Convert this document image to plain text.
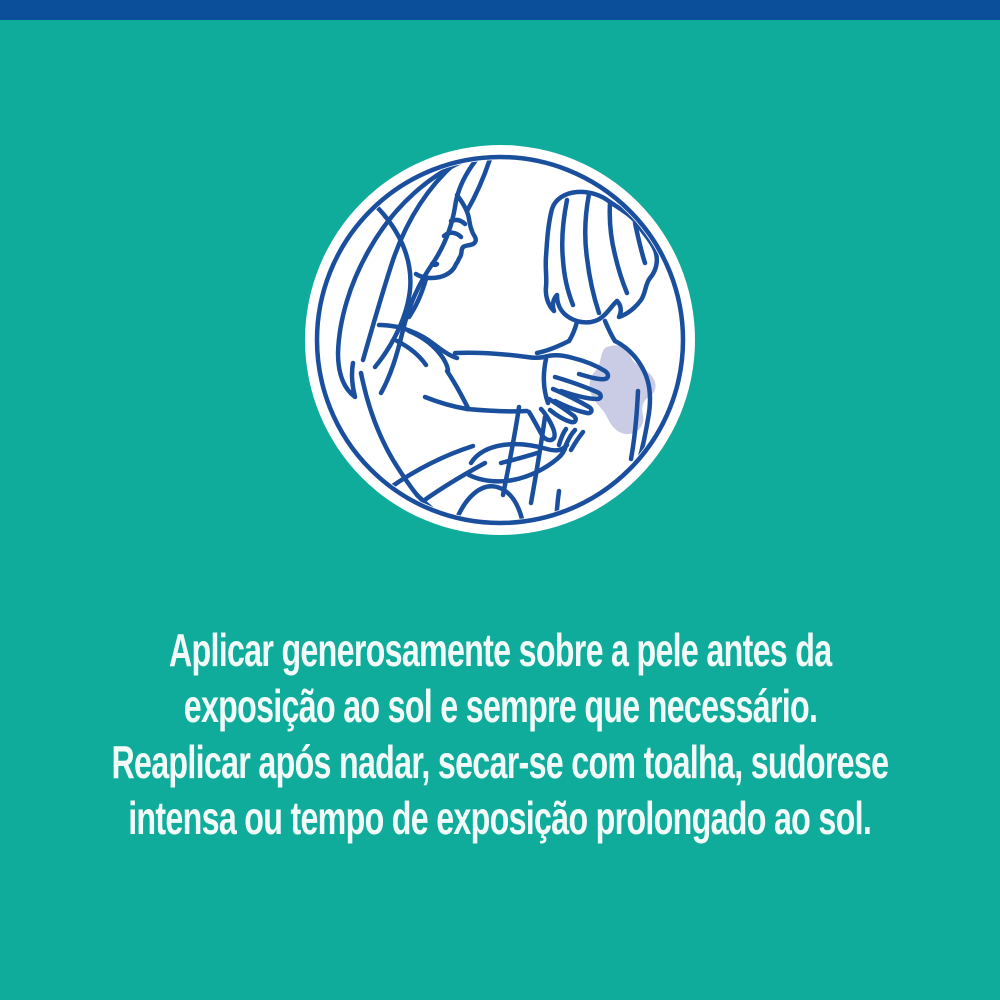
Aplicar generosamente sobre a pele antes da

exposição ao sol e sempre que necessário.

Reaplicar após nadar, secar-se com toalha, sudorese

intensa ou tempo de exposição prolongado ao sol.
